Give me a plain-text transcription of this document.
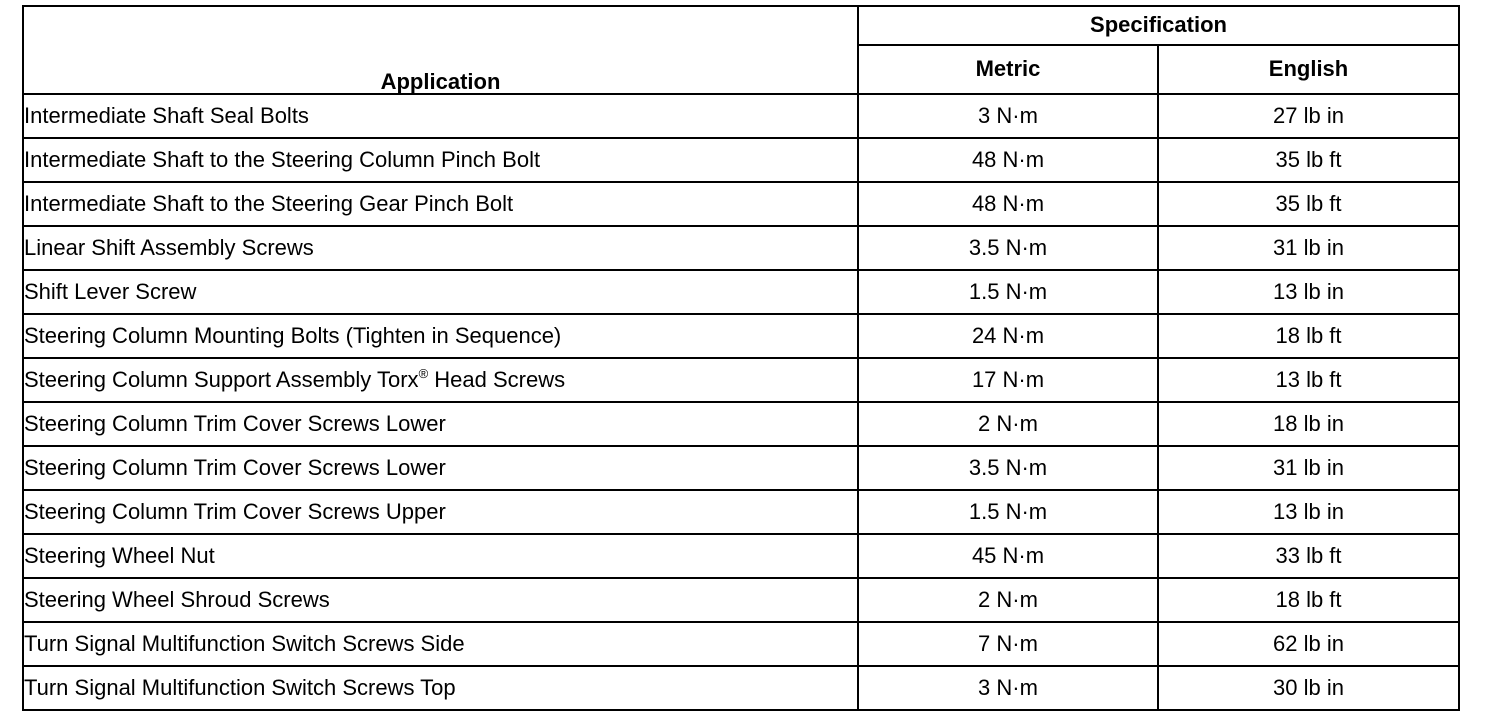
Application	Specification	
	Metric	English
Intermediate Shaft Seal Bolts	3 N·m	27 lb in
Intermediate Shaft to the Steering Column Pinch Bolt	48 N·m	35 lb ft
Intermediate Shaft to the Steering Gear Pinch Bolt	48 N·m	35 lb ft
Linear Shift Assembly Screws	3.5 N·m	31 lb in
Shift Lever Screw	1.5 N·m	13 lb in
Steering Column Mounting Bolts (Tighten in Sequence)	24 N·m	18 lb ft
Steering Column Support Assembly Torx® Head Screws	17 N·m	13 lb ft
Steering Column Trim Cover Screws Lower	2 N·m	18 lb in
Steering Column Trim Cover Screws Lower	3.5 N·m	31 lb in
Steering Column Trim Cover Screws Upper	1.5 N·m	13 lb in
Steering Wheel Nut	45 N·m	33 lb ft
Steering Wheel Shroud Screws	2 N·m	18 lb ft
Turn Signal Multifunction Switch Screws Side	7 N·m	62 lb in
Turn Signal Multifunction Switch Screws Top	3 N·m	30 lb in
